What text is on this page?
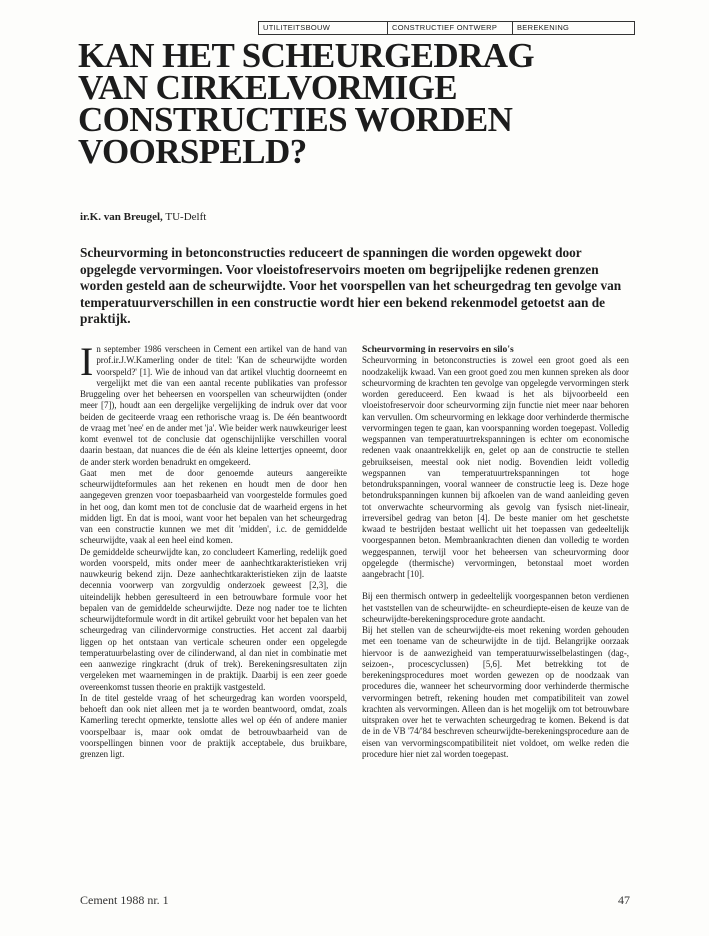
UTILITEITSBOUW	CONSTRUCTIEF ONTWERP	BEREKENING
KAN HET SCHEURGEDRAG
VAN CIRKELVORMIGE
CONSTRUCTIES WORDEN
VOORSPELD?
ir.K. van Breugel, TU-Delft

Scheurvorming in betonconstructies reduceert de spanningen die worden opgewekt door opgelegde vervormingen. Voor vloeistofreservoirs moeten om begrijpelijke redenen grenzen worden gesteld aan de scheurwijdte. Voor het voorspellen van het scheurgedrag ten gevolge van temperatuurverschillen in een constructie wordt hier een bekend rekenmodel getoetst aan de praktijk.

In september 1986 verscheen in Cement een artikel van de hand van prof.ir.J.W.Kamerling onder de titel: 'Kan de scheurwijdte worden voorspeld?' [1]. Wie de inhoud van dat artikel vluchtig doorneemt en vergelijkt met die van een aantal recente publikaties van professor Bruggeling over het beheersen en voorspellen van scheurwijdten (onder meer [7]), houdt aan een dergelijke vergelijking de indruk over dat voor beiden de geciteerde vraag een rethorische vraag is. De één beantwoordt de vraag met 'nee' en de ander met 'ja'. Wie beider werk nauwkeuriger leest komt evenwel tot de conclusie dat ogenschijnlijke verschillen vooral daarin bestaan, dat nuances die de één als kleine lettertjes opneemt, door de ander sterk worden benadrukt en omgekeerd.

Gaat men met de door genoemde auteurs aangereikte scheurwijdteformules aan het rekenen en houdt men de door hen aangegeven grenzen voor toepasbaarheid van voorgestelde formules goed in het oog, dan komt men tot de conclusie dat de waarheid ergens in het midden ligt. En dat is mooi, want voor het bepalen van het scheurgedrag van een constructie kunnen we met dit 'midden', i.c. de gemiddelde scheurwijdte, vaak al een heel eind komen.

De gemiddelde scheurwijdte kan, zo concludeert Kamerling, redelijk goed worden voorspeld, mits onder meer de aanhechtkarakteristieken vrij nauwkeurig bekend zijn. Deze aanhechtkarakteristieken zijn de laatste decennia voorwerp van zorgvuldig onderzoek geweest [2,3], die uiteindelijk hebben geresulteerd in een betrouwbare formule voor het bepalen van de gemiddelde scheurwijdte. Deze nog nader toe te lichten scheurwijdteformule wordt in dit artikel gebruikt voor het bepalen van het scheurgedrag van cilindervormige constructies. Het accent zal daarbij liggen op het ontstaan van verticale scheuren onder een opgelegde temperatuurbelasting over de cilinderwand, al dan niet in combinatie met een aanwezige ringkracht (druk of trek). Berekeningsresultaten zijn vergeleken met waarnemingen in de praktijk. Daarbij is een zeer goede overeenkomst tussen theorie en praktijk vastgesteld.

In de titel gestelde vraag of het scheurgedrag kan worden voorspeld, behoeft dan ook niet alleen met ja te worden beantwoord, omdat, zoals Kamerling terecht opmerkte, tenslotte alles wel op één of andere manier voorspelbaar is, maar ook omdat de betrouwbaarheid van de voorspellingen binnen voor de praktijk acceptabele, dus bruikbare, grenzen ligt.

Scheurvorming in reservoirs en silo's

Scheurvorming in betonconstructies is zowel een groot goed als een noodzakelijk kwaad. Van een groot goed zou men kunnen spreken als door scheurvorming de krachten ten gevolge van opgelegde vervormingen sterk worden gereduceerd. Een kwaad is het als bijvoorbeeld een vloeistofreservoir door scheurvorming zijn functie niet meer naar behoren kan vervullen. Om scheurvorming en lekkage door verhinderde thermische vervormingen tegen te gaan, kan voorspanning worden toegepast. Volledig wegspannen van temperatuurtrekspanningen is echter om economische redenen vaak onaantrekkelijk en, gelet op aan de constructie te stellen gebruikseisen, meestal ook niet nodig. Bovendien leidt volledig wegspannen van temperatuurtrekspanningen tot hoge betondrukspanningen, vooral wanneer de constructie leeg is. Deze hoge betondrukspanningen kunnen bij afkoelen van de wand aanleiding geven tot onverwachte scheurvorming als gevolg van fysisch niet-lineair, irreversibel gedrag van beton [4]. De beste manier om het geschetste kwaad te bestrijden bestaat wellicht uit het toepassen van gedeeltelijk voorgespannen beton. Membraankrachten dienen dan volledig te worden weggespannen, terwijl voor het beheersen van scheurvorming door opgelegde (thermische) vervormingen, betonstaal moet worden aangebracht [10].

Bij een thermisch ontwerp in gedeeltelijk voorgespannen beton verdienen het vaststellen van de scheurwijdte- en scheurdiepte-eisen de keuze van de scheurwijdte-berekeningsprocedure grote aandacht.

Bij het stellen van de scheurwijdte-eis moet rekening worden gehouden met een toename van de scheurwijdte in de tijd. Belangrijke oorzaak hiervoor is de aanwezigheid van temperatuurwisselbelastingen (dag-, seizoen-, procescyclussen) [5,6]. Met betrekking tot de berekeningsprocedures moet worden gewezen op de noodzaak van procedures die, wanneer het scheurvorming door verhinderde thermische vervormingen betreft, rekening houden met compatibiliteit van zowel krachten als vervormingen. Alleen dan is het mogelijk om tot betrouwbare uitspraken over het te verwachten scheurgedrag te komen. Bekend is dat de in de VB '74/'84 beschreven scheurwijdte-berekeningsprocedure aan de eisen van vervormingscompatibiliteit niet voldoet, om welke reden die procedure hier niet zal worden toegepast.

Cement 1988 nr. 1	47
